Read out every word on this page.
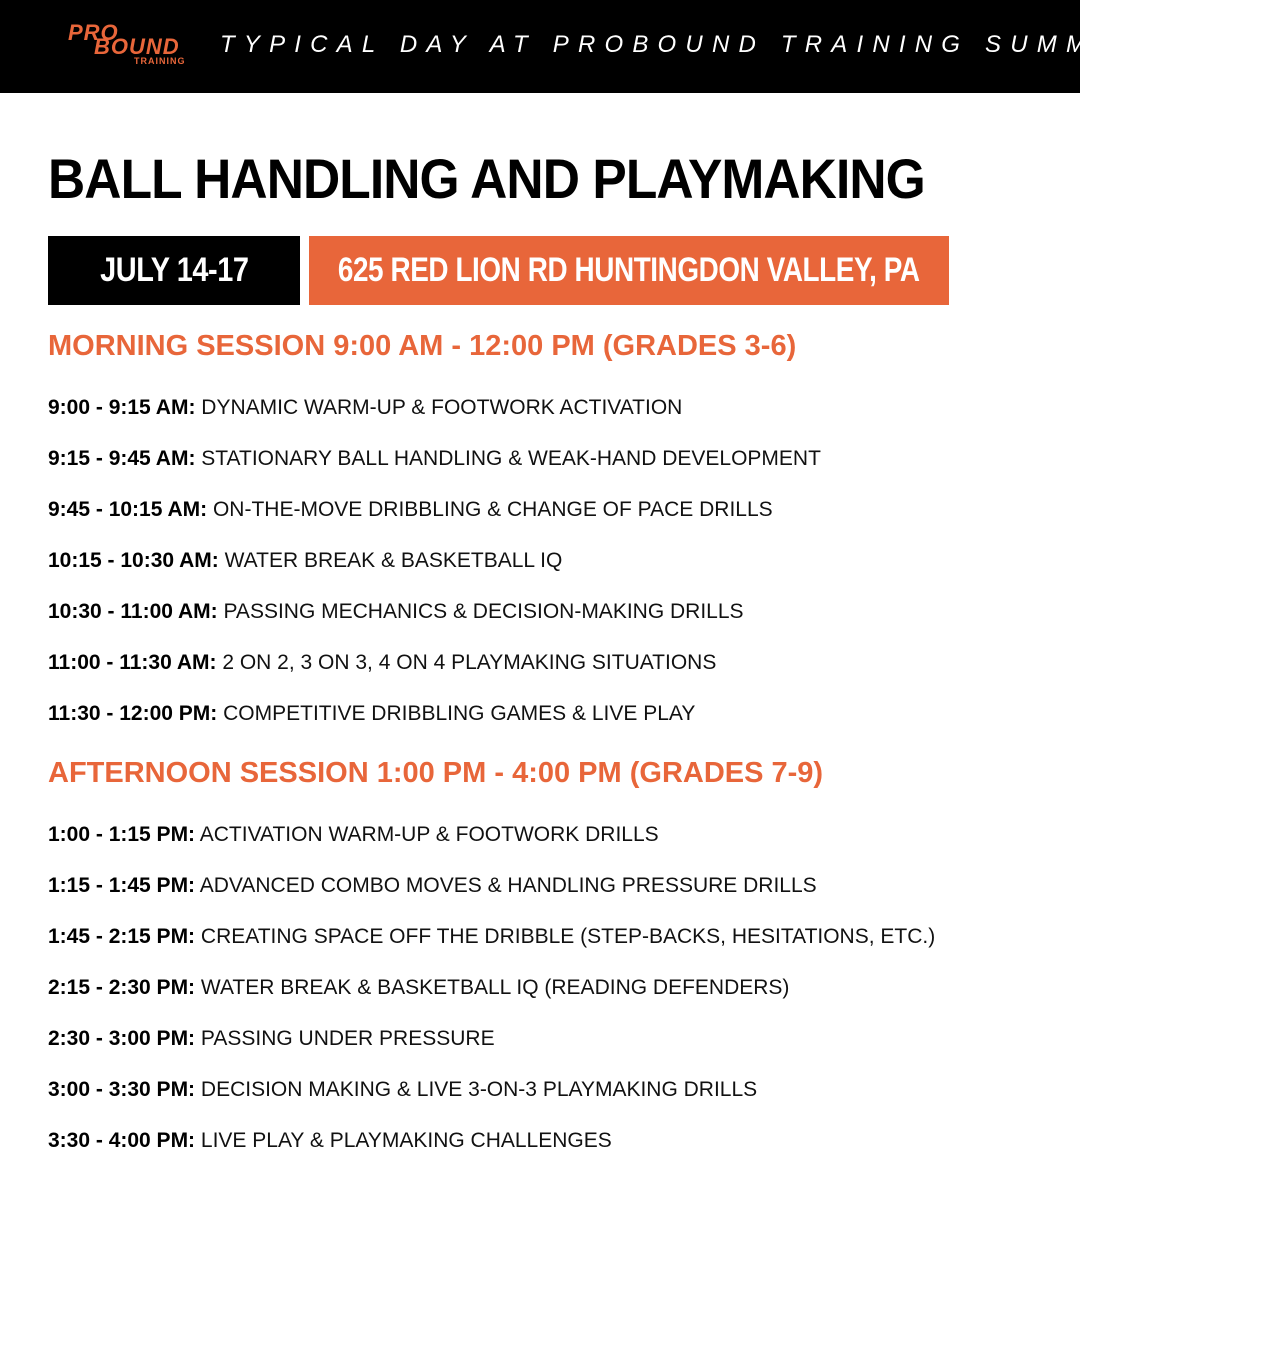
PRO
BOUND
TRAINING
TYPICAL DAY AT PROBOUND TRAINING SUMMER CAMP
BALL HANDLING AND PLAYMAKING
JULY 14-17	625 RED LION RD HUNTINGDON VALLEY, PA
MORNING SESSION 9:00 AM - 12:00 PM (GRADES 3-6)
9:00 - 9:15 AM: DYNAMIC WARM-UP & FOOTWORK ACTIVATION
9:15 - 9:45 AM: STATIONARY BALL HANDLING & WEAK-HAND DEVELOPMENT
9:45 - 10:15 AM: ON-THE-MOVE DRIBBLING & CHANGE OF PACE DRILLS
10:15 - 10:30 AM: WATER BREAK & BASKETBALL IQ
10:30 - 11:00 AM: PASSING MECHANICS & DECISION-MAKING DRILLS
11:00 - 11:30 AM: 2 ON 2, 3 ON 3, 4 ON 4 PLAYMAKING SITUATIONS
11:30 - 12:00 PM: COMPETITIVE DRIBBLING GAMES & LIVE PLAY
AFTERNOON SESSION 1:00 PM - 4:00 PM (GRADES 7-9)
1:00 - 1:15 PM: ACTIVATION WARM-UP & FOOTWORK DRILLS
1:15 - 1:45 PM: ADVANCED COMBO MOVES & HANDLING PRESSURE DRILLS
1:45 - 2:15 PM: CREATING SPACE OFF THE DRIBBLE (STEP-BACKS, HESITATIONS, ETC.)
2:15 - 2:30 PM: WATER BREAK & BASKETBALL IQ (READING DEFENDERS)
2:30 - 3:00 PM: PASSING UNDER PRESSURE
3:00 - 3:30 PM: DECISION MAKING & LIVE 3-ON-3 PLAYMAKING DRILLS
3:30 - 4:00 PM: LIVE PLAY & PLAYMAKING CHALLENGES
